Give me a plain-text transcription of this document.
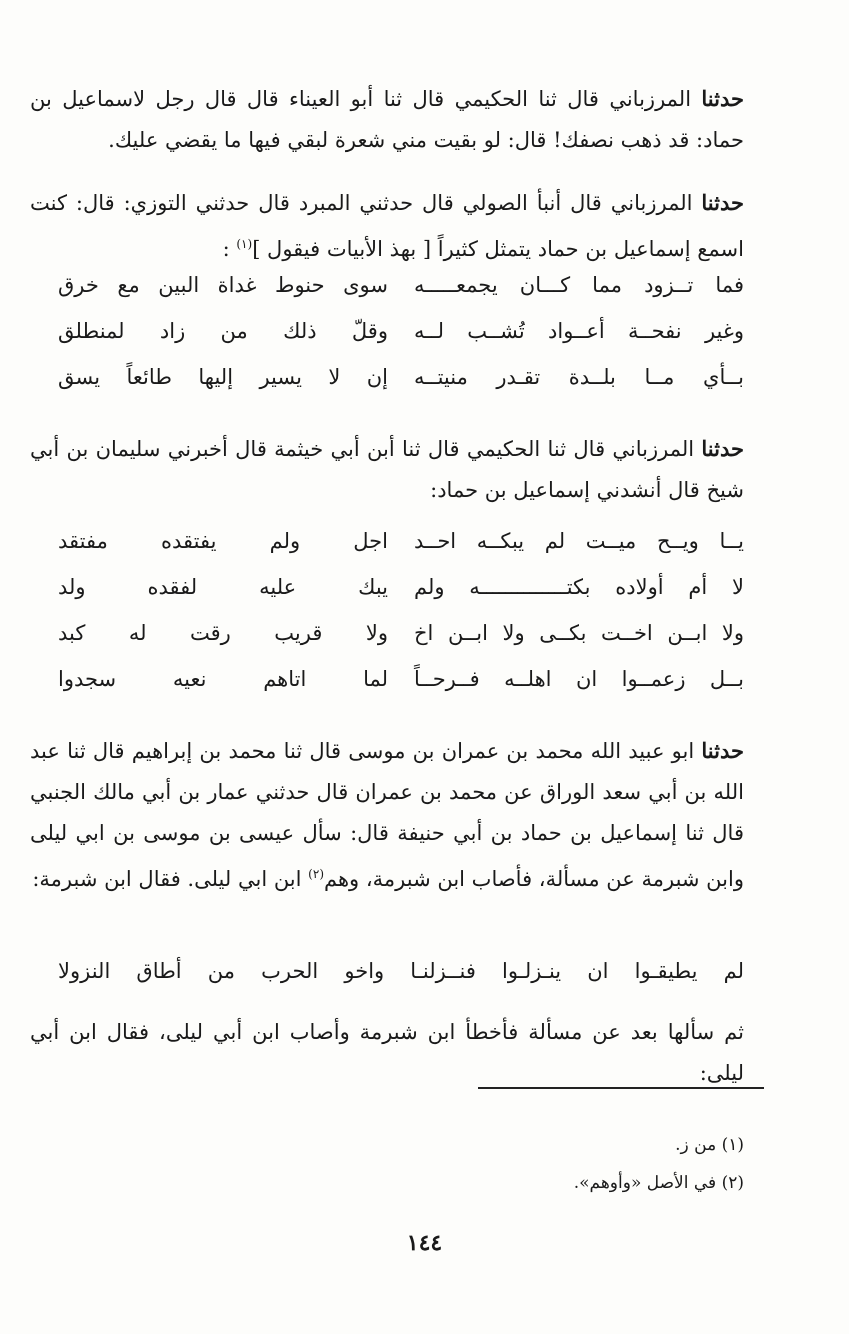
حدثنا المرزباني قال ثنا الحكيمي قال ثنا أبو العيناء قال قال رجل لاسماعيل بن حماد: قد ذهب نصفك! قال: لو بقيت مني شعرة لبقي فيها ما يقضي عليك.

حدثنا المرزباني قال أنبأ الصولي قال حدثني المبرد قال حدثني التوزي: قال: كنت اسمع إسماعيل بن حماد يتمثل كثيراً [ بهذ الأبيات فيقول ]$^{(١)}$ :

فما تــزود مما كـــان يجمعـــــه
سوى حنوط غداة البين مع خرق
وغير نفحــة أعــواد تُشــب لــه
وقلّ ذلك من زاد لمنطلق
بــأي مــا بلــدة تقـدر منيتــه
إن لا يسير إليها طائعاً يسق

حدثنا المرزباني قال ثنا الحكيمي قال ثنا أبن أبي خيثمة قال أخبرني سليمان بن أبي شيخ قال أنشدني إسماعيل بن حماد:

يــا ويــح ميــت لم يبكــه احــد
اجل ولم يفتقده مفتقد
لا أم أولاده بكتــــــــــــــه ولم
يبك عليه لفقده ولد
ولا ابــن اخــت بكــى ولا ابــن اخ
ولا قريب رقت له كبد
بــل زعمــوا ان اهلــه فــرحــاً
لما اتاهم نعيه سجدوا

حدثنا ابو عبيد الله محمد بن عمران بن موسى قال ثنا محمد بن إبراهيم قال ثنا عبد الله بن أبي سعد الوراق عن محمد بن عمران قال حدثني عمار بن أبي مالك الجنبي قال ثنا إسماعيل بن حماد بن أبي حنيفة قال: سأل عيسى بن موسى بن ابي ليلى وابن شبرمة عن مسألة، فأصاب ابن شبرمة، وهم$^{(٢)}$ ابن ابي ليلى. فقال ابن شبرمة:

لم يطيقـوا ان ينـزلـوا فنــزلنـا واخو الحرب من أطاق النزولا

ثم سألها بعد عن مسألة فأخطأ ابن شبرمة وأصاب ابن أبي ليلى، فقال ابن أبي ليلى:

(١) من ز.
(٢) في الأصل «وأوهم».
١٤٤
